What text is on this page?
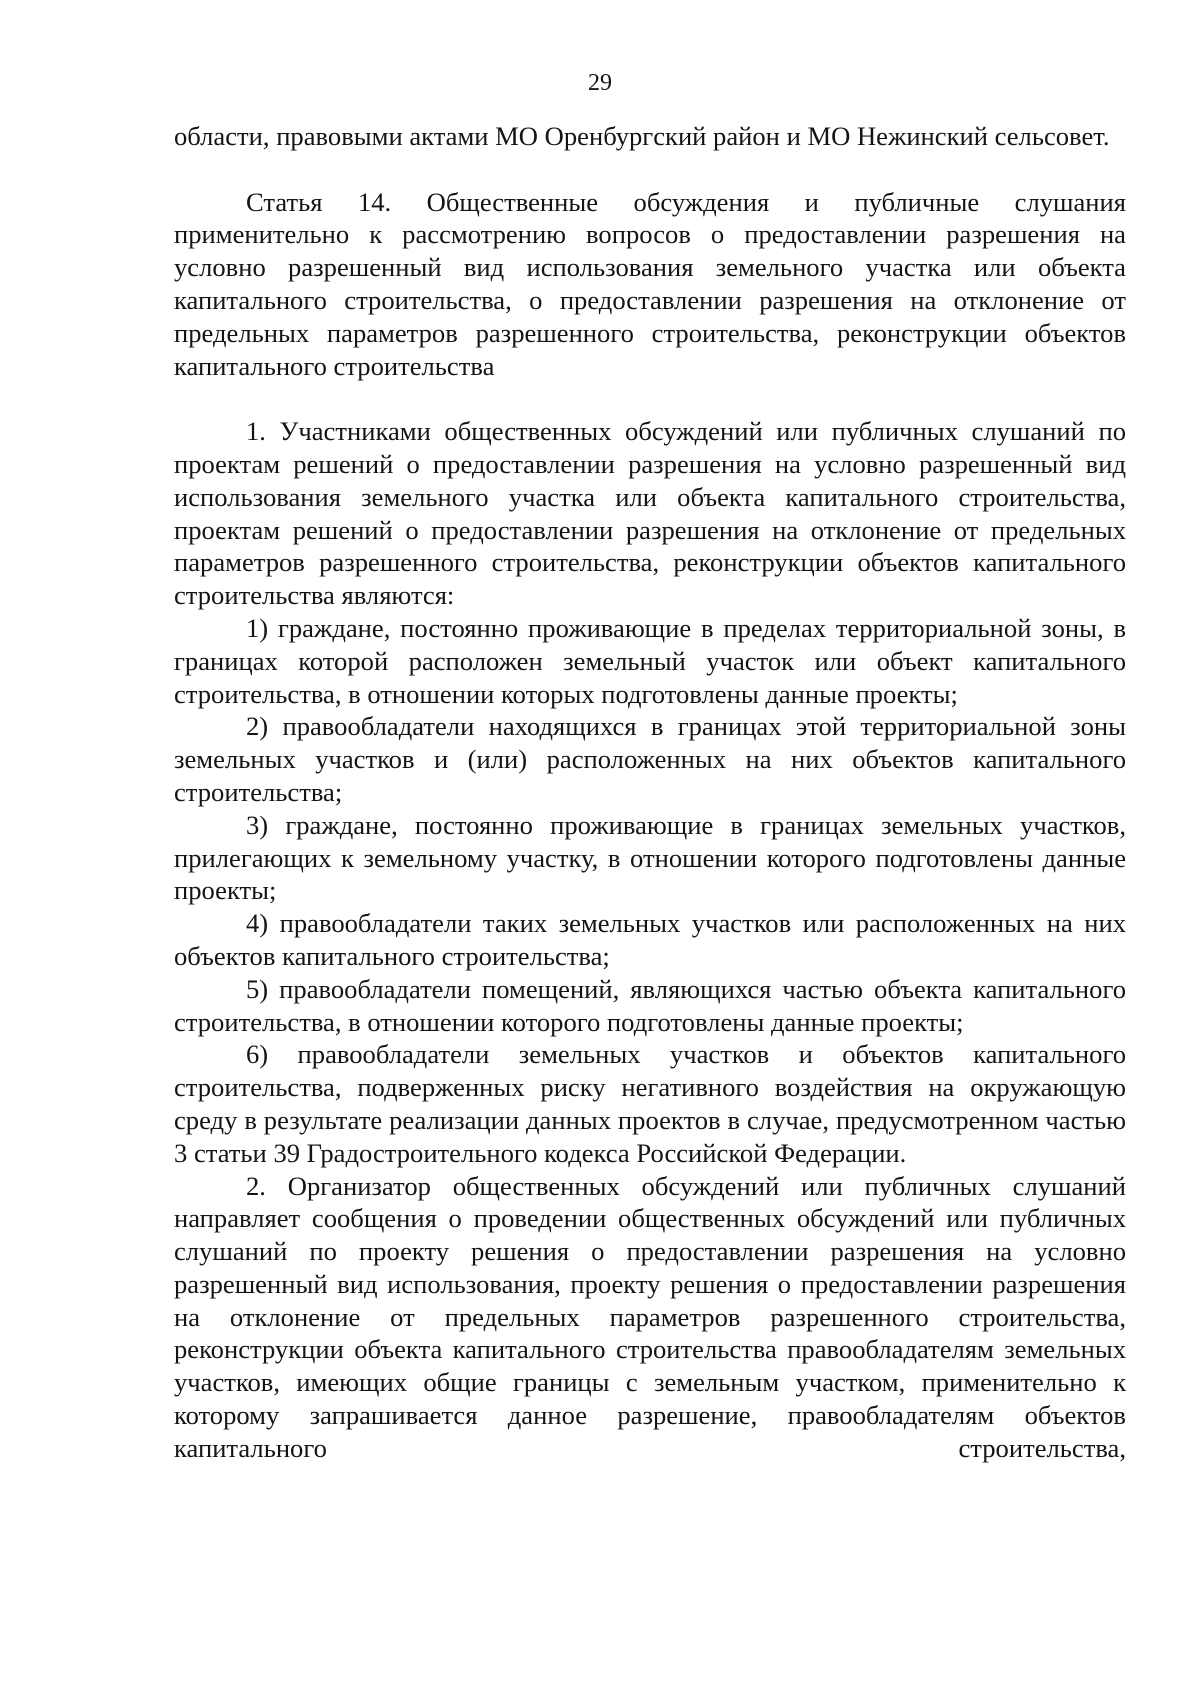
29

области, правовыми актами МО Оренбургский район и МО Нежинский сельсовет.

Статья 14. Общественные обсуждения и публичные слушания применительно к рассмотрению вопросов о предоставлении разрешения на условно разрешенный вид использования земельного участка или объекта капитального строительства, о предоставлении разрешения на отклонение от предельных параметров разрешенного строительства, реконструкции объектов капитального строительства

1. Участниками общественных обсуждений или публичных слушаний по проектам решений о предоставлении разрешения на условно разрешенный вид использования земельного участка или объекта капитального строительства, проектам решений о предоставлении разрешения на отклонение от предельных параметров разрешенного строительства, реконструкции объектов капитального строительства являются:

1) граждане, постоянно проживающие в пределах территориальной зоны, в границах которой расположен земельный участок или объект капитального строительства, в отношении которых подготовлены данные проекты;

2) правообладатели находящихся в границах этой территориальной зоны земельных участков и (или) расположенных на них объектов капитального строительства;

3) граждане, постоянно проживающие в границах земельных участков, прилегающих к земельному участку, в отношении которого подготовлены данные проекты;

4) правообладатели таких земельных участков или расположенных на них объектов капитального строительства;

5) правообладатели помещений, являющихся частью объекта капитального строительства, в отношении которого подготовлены данные проекты;

6) правообладатели земельных участков и объектов капитального строительства, подверженных риску негативного воздействия на окружающую среду в результате реализации данных проектов в случае, предусмотренном частью 3 статьи 39 Градостроительного кодекса Российской Федерации.

2. Организатор общественных обсуждений или публичных слушаний направляет сообщения о проведении общественных обсуждений или публичных слушаний по проекту решения о предоставлении разрешения на условно разрешенный вид использования, проекту решения о предоставлении разрешения на отклонение от предельных параметров разрешенного строительства, реконструкции объекта капитального строительства правообладателям земельных участков, имеющих общие границы с земельным участком, применительно к которому запрашивается данное разрешение, правообладателям объектов капитального строительства,
